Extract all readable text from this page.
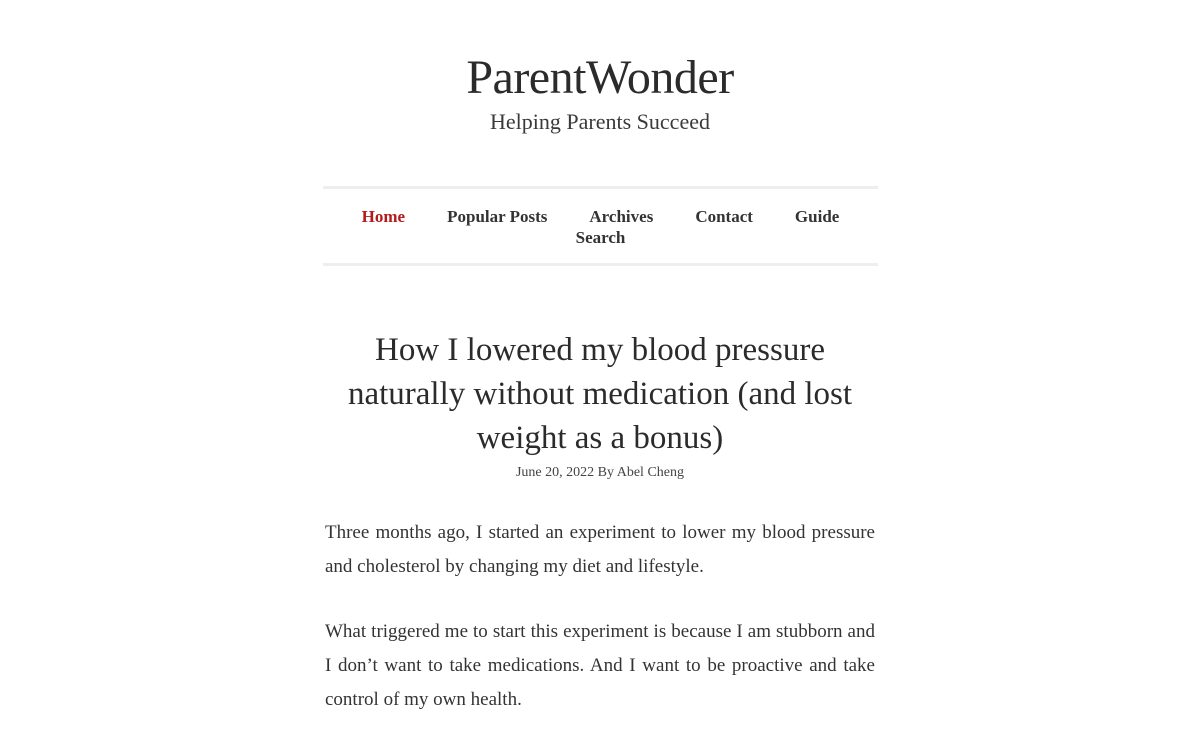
ParentWonder

Helping Parents Succeed

Home Popular Posts Archives Contact Guide
Search
How I lowered my blood pressure naturally without medication (and lost weight as a bonus)
June 20, 2022 By Abel Cheng

Three months ago, I started an experiment to lower my blood pressure and cholesterol by changing my diet and lifestyle.

What triggered me to start this experiment is because I am stubborn and I don’t want to take medications. And I want to be proactive and take control of my own health.
